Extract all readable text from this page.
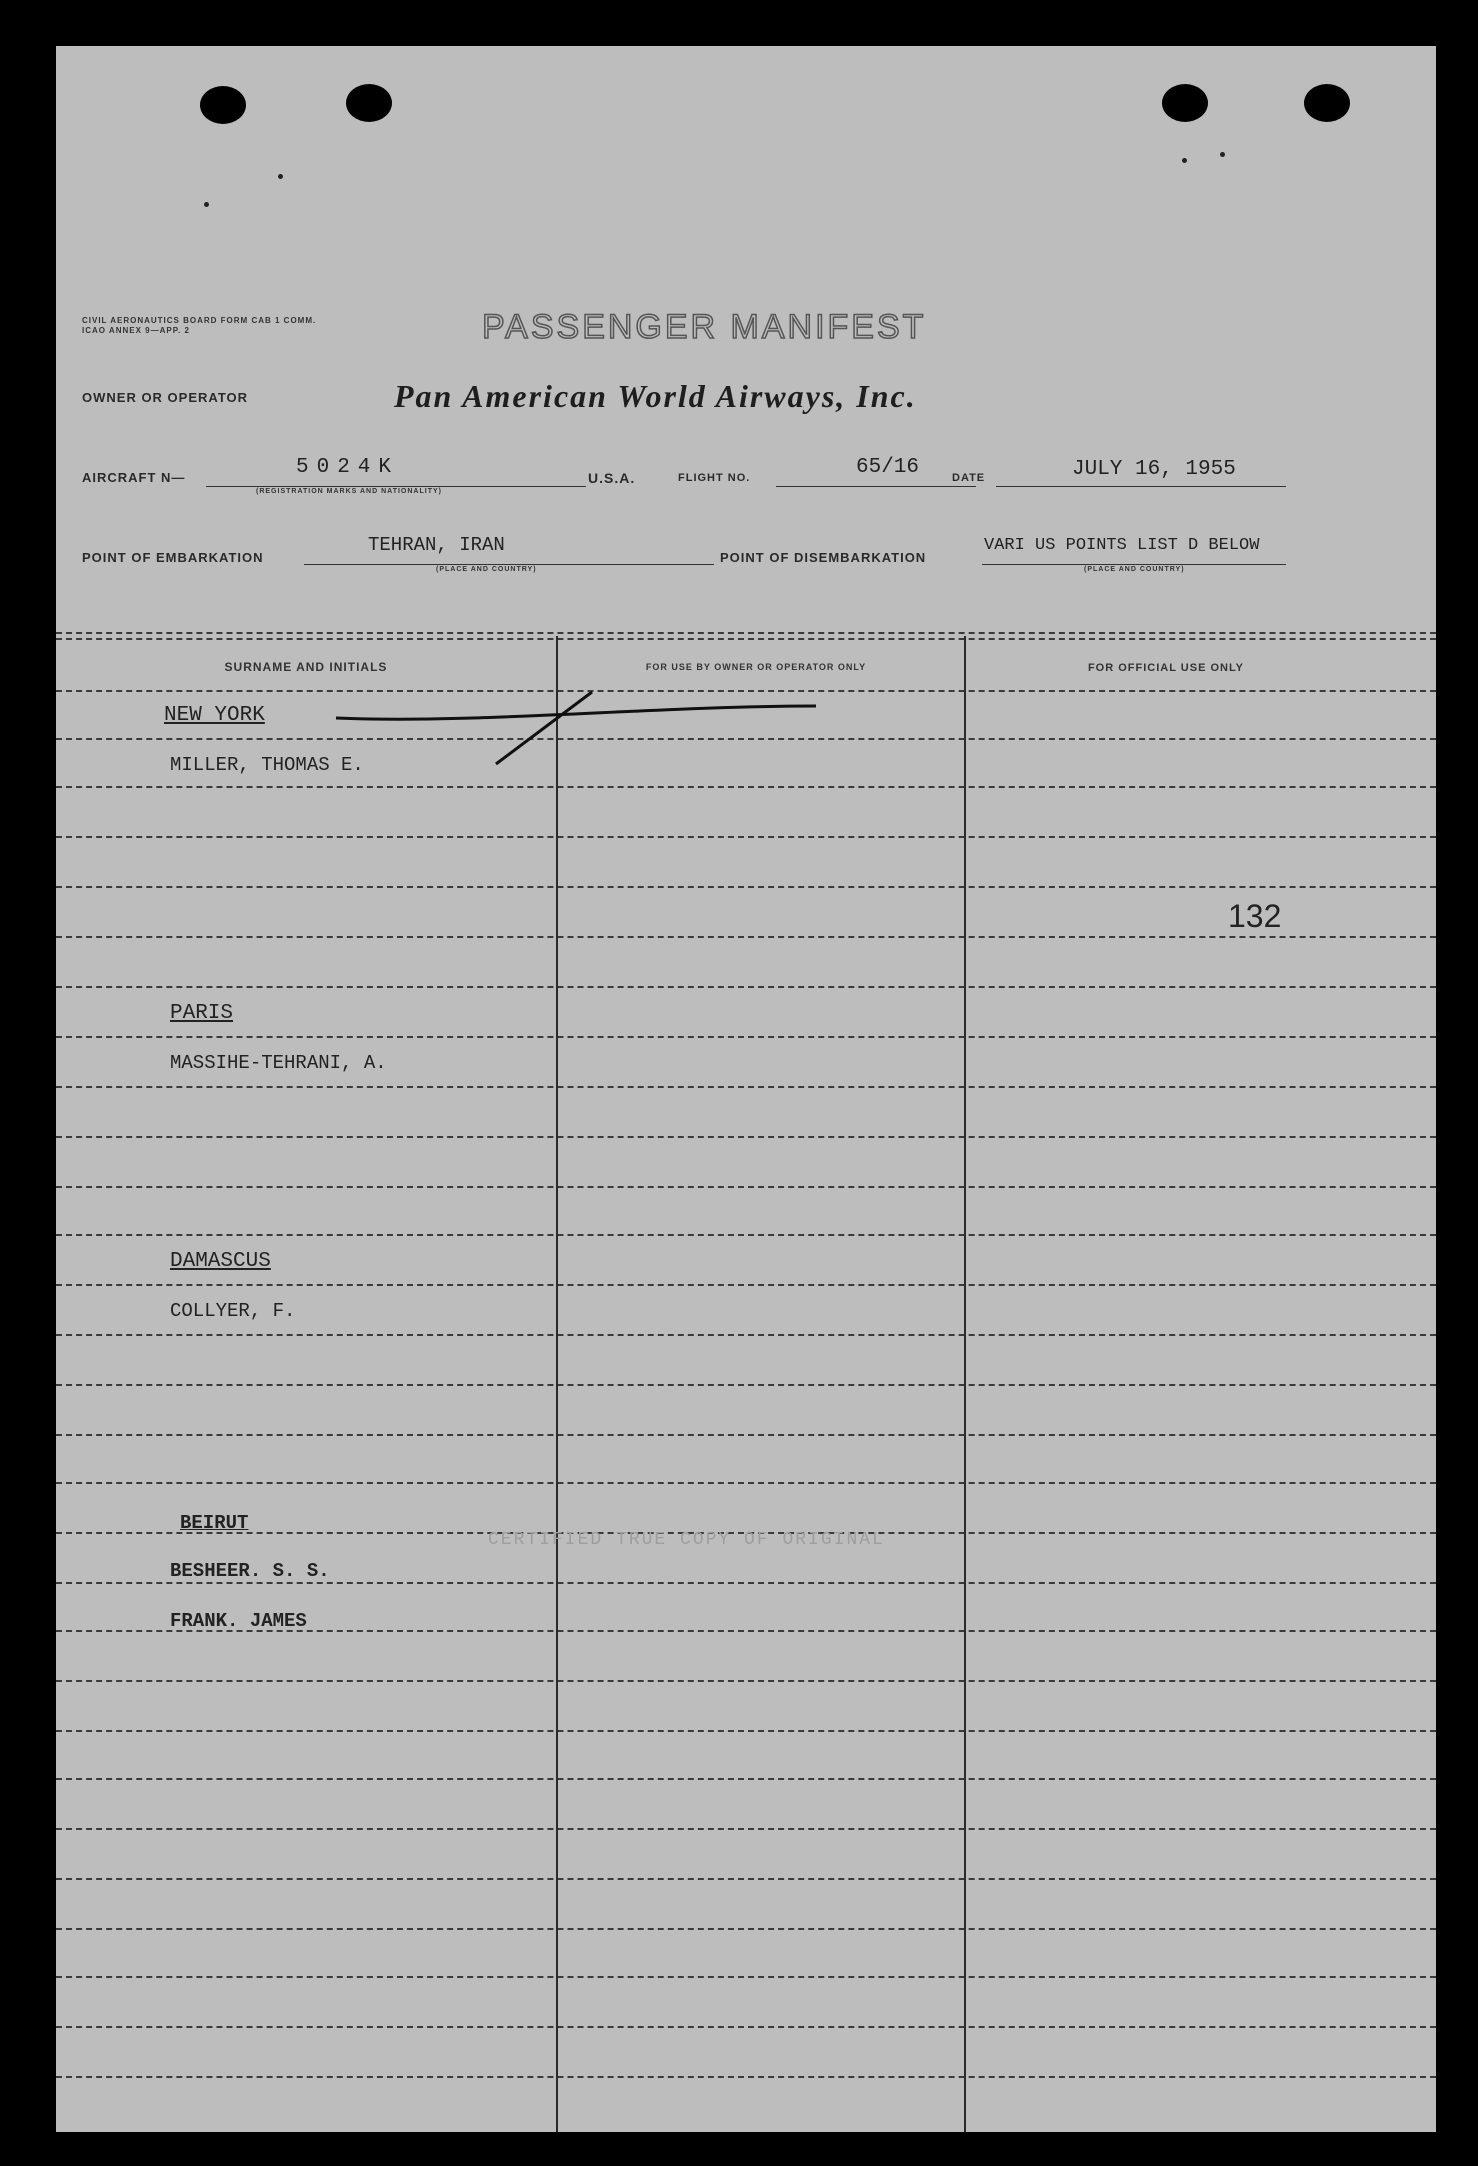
CIVIL AERONAUTICS BOARD FORM CAB 1 COMM.
ICAO ANNEX 9—APP. 2	PASSENGER MANIFEST
OWNER OR OPERATOR	Pan American World Airways, Inc.
AIRCRAFT N—	5024K
(REGISTRATION MARKS AND NATIONALITY)
U.S.A.	FLIGHT NO.	65/16	DATE	JULY 16, 1955
POINT OF EMBARKATION
TEHRAN, IRAN
(PLACE AND COUNTRY)
POINT OF DISEMBARKATION
VARI US POINTS LIST D BELOW
(PLACE AND COUNTRY)
SURNAME AND INITIALS	FOR USE BY OWNER OR OPERATOR ONLY	FOR OFFICIAL USE ONLY
NEW YORK
MILLER, THOMAS E.
PARIS
MASSIHE-TEHRANI, A.
DAMASCUS
COLLYER, F.
BEIRUT
BESHEER. S. S.
FRANK. JAMES
CERTIFIED TRUE COPY OF ORIGINAL
132
